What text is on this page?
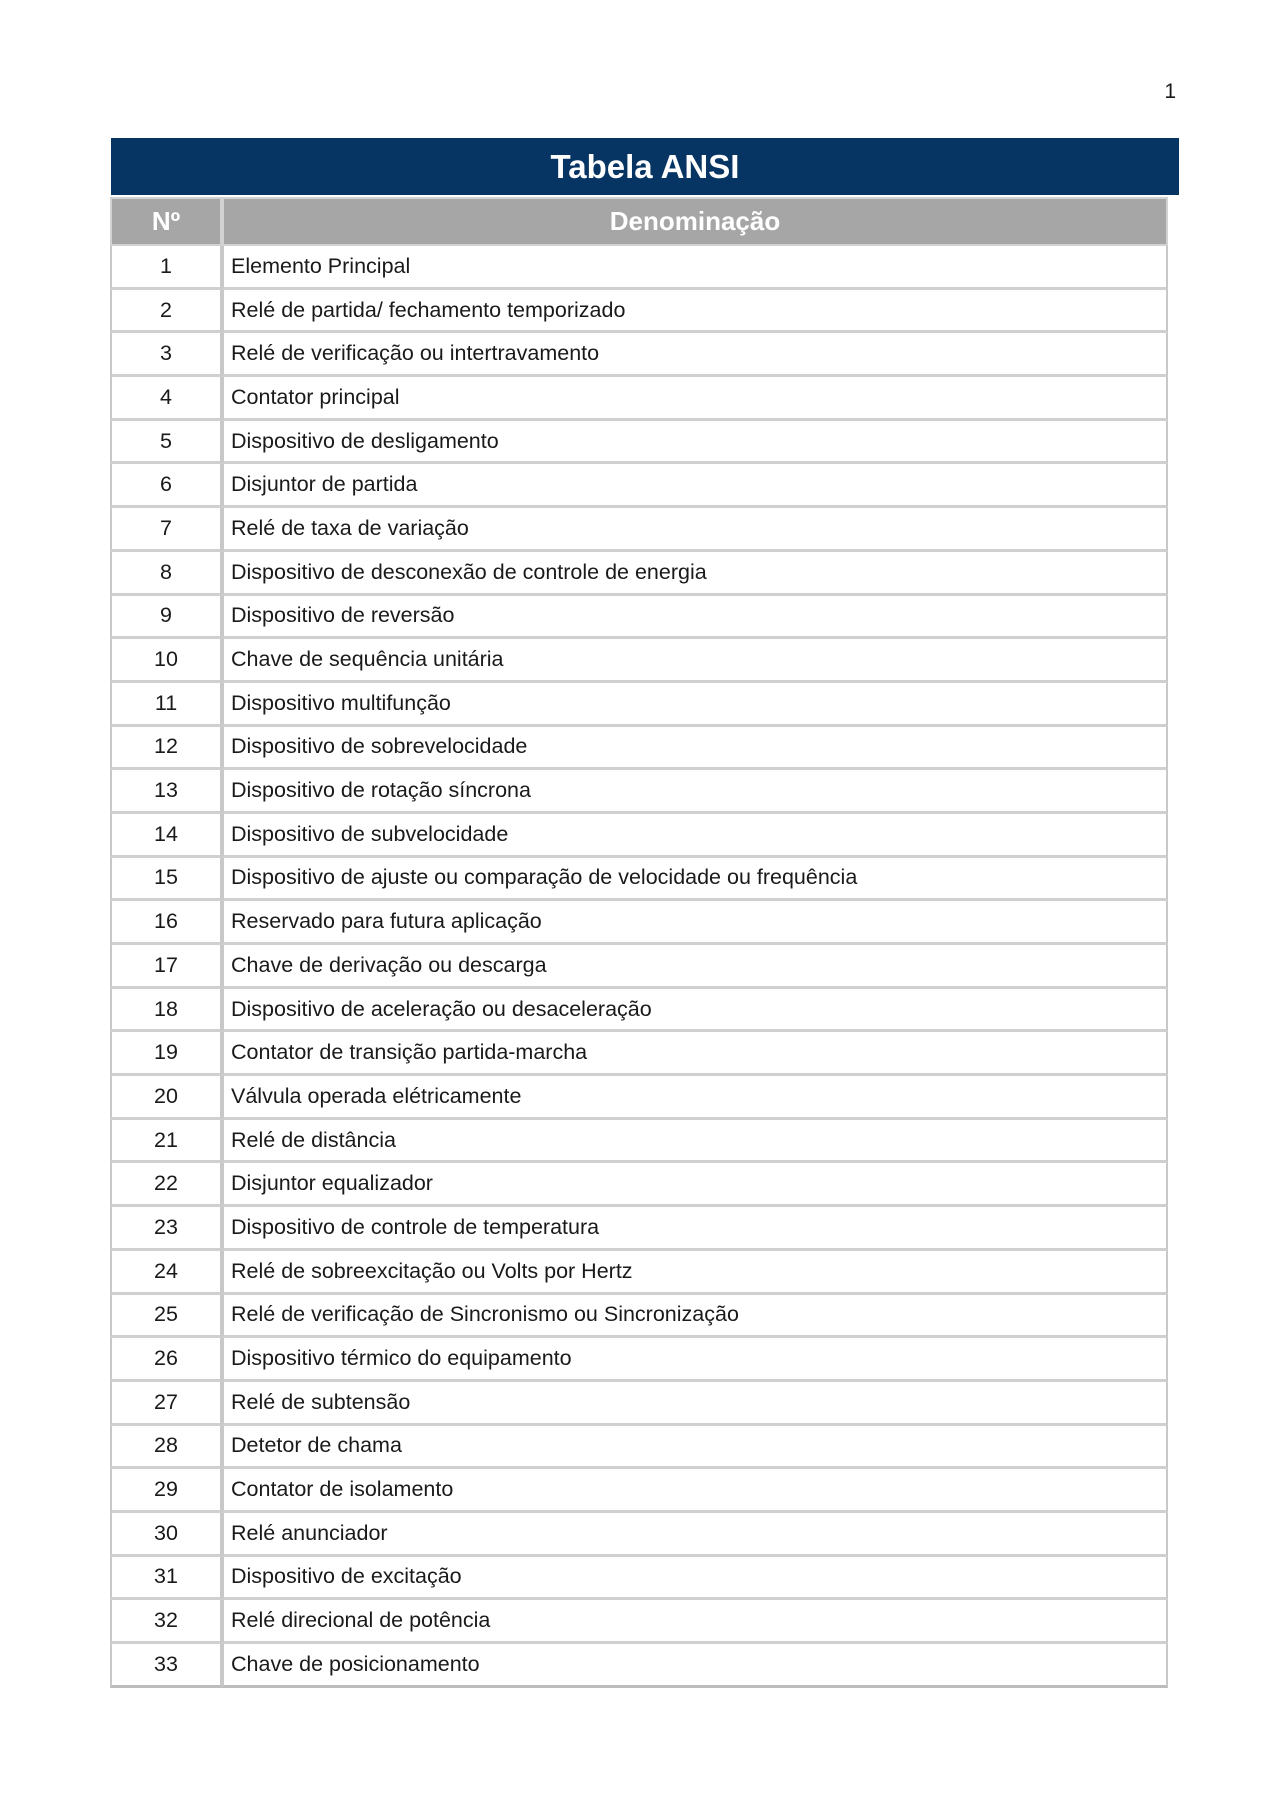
1
Tabela ANSI
Nº	Denominação
1	Elemento Principal
2	Relé de partida/ fechamento temporizado
3	Relé de verificação ou intertravamento
4	Contator principal
5	Dispositivo de desligamento
6	Disjuntor de partida
7	Relé de taxa de variação
8	Dispositivo de desconexão de controle de energia
9	Dispositivo de reversão
10	Chave de sequência unitária
11	Dispositivo multifunção
12	Dispositivo de sobrevelocidade
13	Dispositivo de rotação síncrona
14	Dispositivo de subvelocidade
15	Dispositivo de ajuste ou comparação de velocidade ou frequência
16	Reservado para futura aplicação
17	Chave de derivação ou descarga
18	Dispositivo de aceleração ou desaceleração
19	Contator de transição partida-marcha
20	Válvula operada elétricamente
21	Relé de distância
22	Disjuntor equalizador
23	Dispositivo de controle de temperatura
24	Relé de sobreexcitação ou Volts por Hertz
25	Relé de verificação de Sincronismo ou Sincronização
26	Dispositivo térmico do equipamento
27	Relé de subtensão
28	Detetor de chama
29	Contator de isolamento
30	Relé anunciador
31	Dispositivo de excitação
32	Relé direcional de potência
33	Chave de posicionamento
